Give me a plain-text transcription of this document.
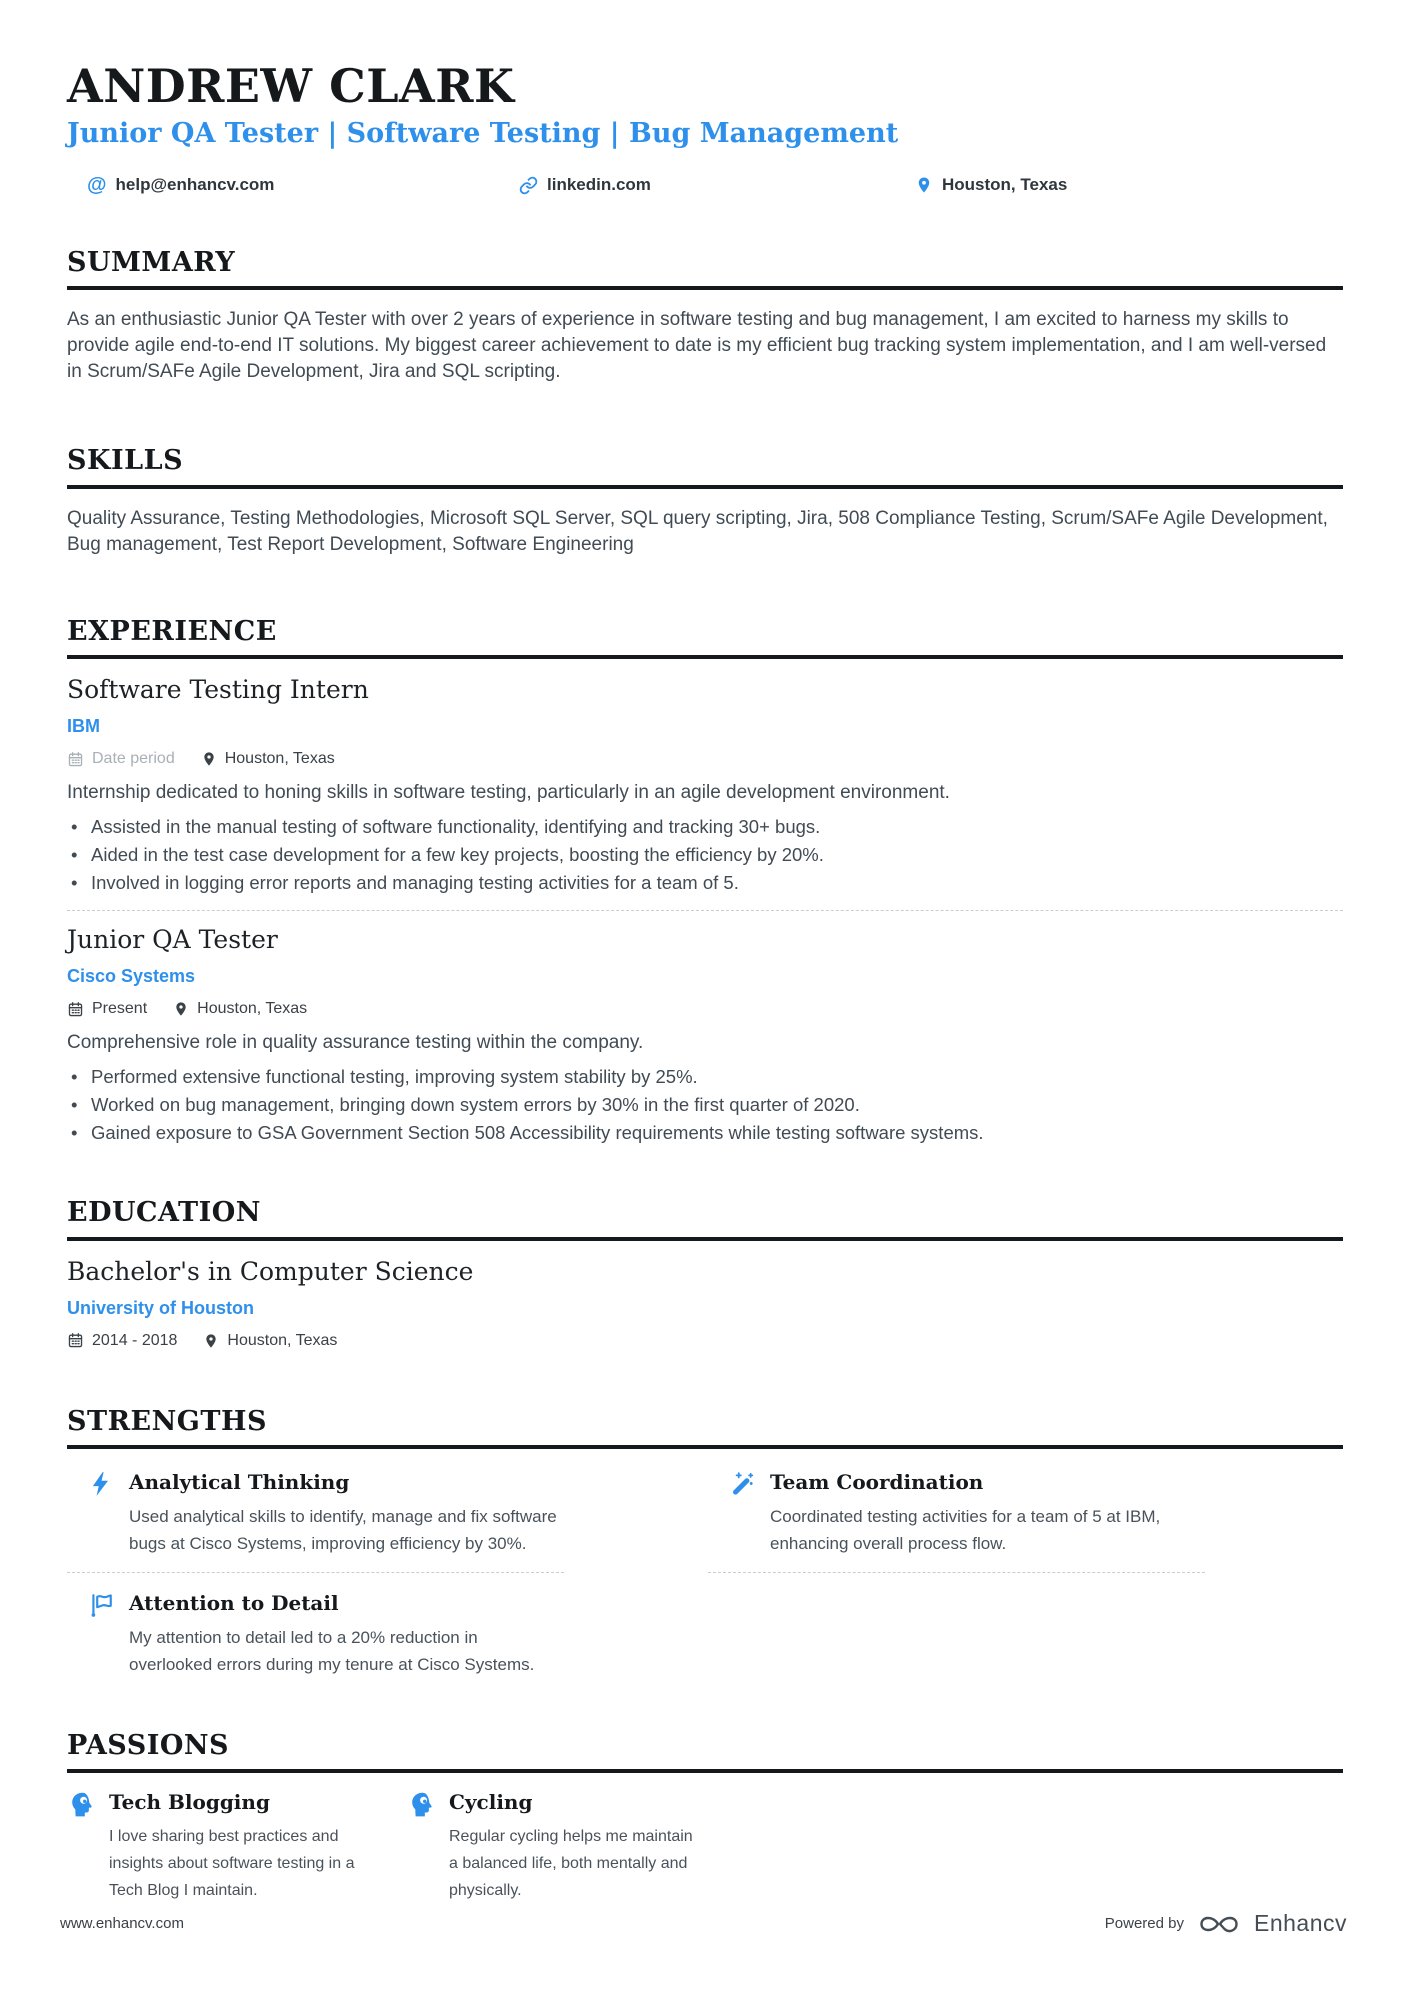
ANDREW CLARK
Junior QA Tester | Software Testing | Bug Management
@ help@enhancv.com	linkedin.com	Houston, Texas
SUMMARY

As an enthusiastic Junior QA Tester with over 2 years of experience in software testing and bug management, I am excited to harness my skills to provide agile end-to-end IT solutions. My biggest career achievement to date is my efficient bug tracking system implementation, and I am well-versed in Scrum/SAFe Agile Development, Jira and SQL scripting.

SKILLS

Quality Assurance, Testing Methodologies, Microsoft SQL Server, SQL query scripting, Jira, 508 Compliance Testing, Scrum/SAFe Agile Development, Bug management, Test Report Development, Software Engineering

EXPERIENCE
Software Testing Intern
IBM
Date period	Houston, Texas
Internship dedicated to honing skills in software testing, particularly in an agile development environment.
• Assisted in the manual testing of software functionality, identifying and tracking 30+ bugs.
• Aided in the test case development for a few key projects, boosting the efficiency by 20%.
• Involved in logging error reports and managing testing activities for a team of 5.
Junior QA Tester
Cisco Systems
Present	Houston, Texas
Comprehensive role in quality assurance testing within the company.
• Performed extensive functional testing, improving system stability by 25%.
• Worked on bug management, bringing down system errors by 30% in the first quarter of 2020.
• Gained exposure to GSA Government Section 508 Accessibility requirements while testing software systems.
EDUCATION
Bachelor's in Computer Science
University of Houston
2014 - 2018	Houston, Texas
STRENGTHS
Analytical Thinking
Used analytical skills to identify, manage and fix software bugs at Cisco Systems, improving efficiency by 30%.
Attention to Detail
My attention to detail led to a 20% reduction in overlooked errors during my tenure at Cisco Systems.
Team Coordination
Coordinated testing activities for a team of 5 at IBM, enhancing overall process flow.
PASSIONS
Tech Blogging
I love sharing best practices and insights about software testing in a Tech Blog I maintain.
Cycling
Regular cycling helps me maintain a balanced life, both mentally and physically.
www.enhancv.com	Powered by	Enhancv
